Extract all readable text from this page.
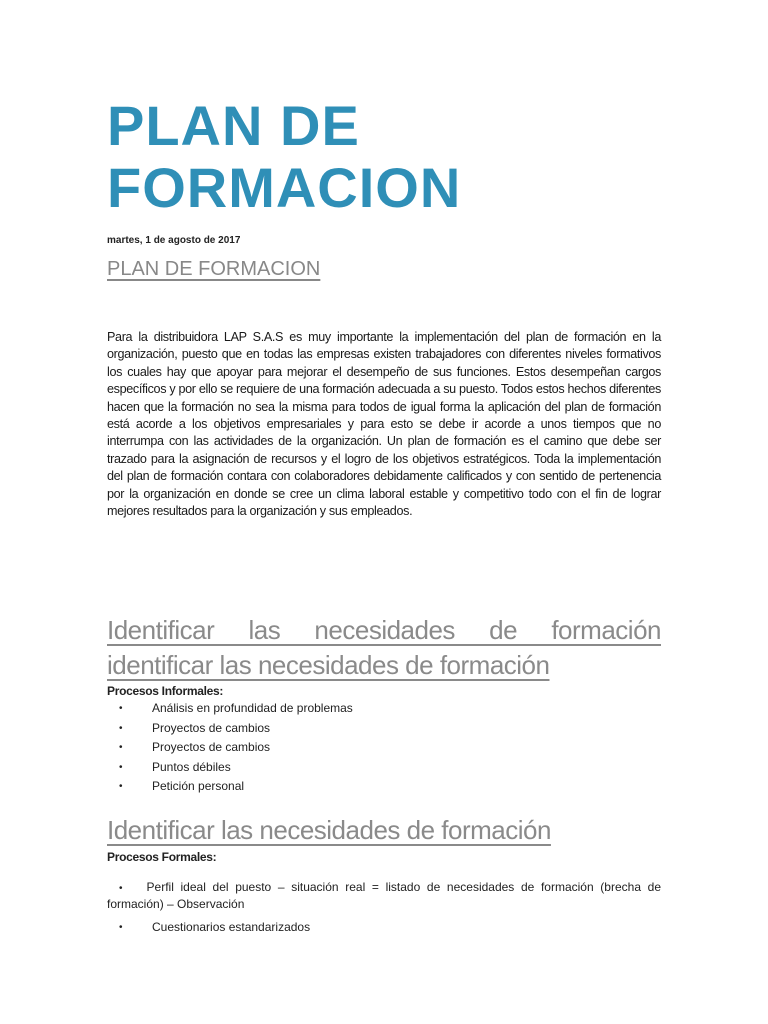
PLAN DE
FORMACION
martes, 1 de agosto de 2017
PLAN DE FORMACION

Para la distribuidora LAP S.A.S es muy importante la implementación del plan de formación en la organización, puesto que en todas las empresas existen trabajadores con diferentes niveles formativos los cuales hay que apoyar para mejorar el desempeño de sus funciones. Estos desempeñan cargos específicos y por ello se requiere de una formación adecuada a su puesto. Todos estos hechos diferentes hacen que la formación no sea la misma para todos de igual forma la aplicación del plan de formación está acorde a los objetivos empresariales y para esto se debe ir acorde a unos tiempos que no interrumpa con las actividades de la organización. Un plan de formación es el camino que debe ser trazado para la asignación de recursos y el logro de los objetivos estratégicos. Toda la implementación del plan de formación contara con colaboradores debidamente calificados y con sentido de pertenencia por la organización en donde se cree un clima laboral estable y competitivo todo con el fin de lograr mejores resultados para la organización y sus empleados.

Identificar las necesidades de formación
identificar las necesidades de formación
Procesos Informales:
• Análisis en profundidad de problemas
• Proyectos de cambios
• Proyectos de cambios
• Puntos débiles
• Petición personal
Identificar las necesidades de formación
Procesos Formales:
• Perfil ideal del puesto – situación real = listado de necesidades de formación (brecha de formación) – Observación
• Cuestionarios estandarizados
